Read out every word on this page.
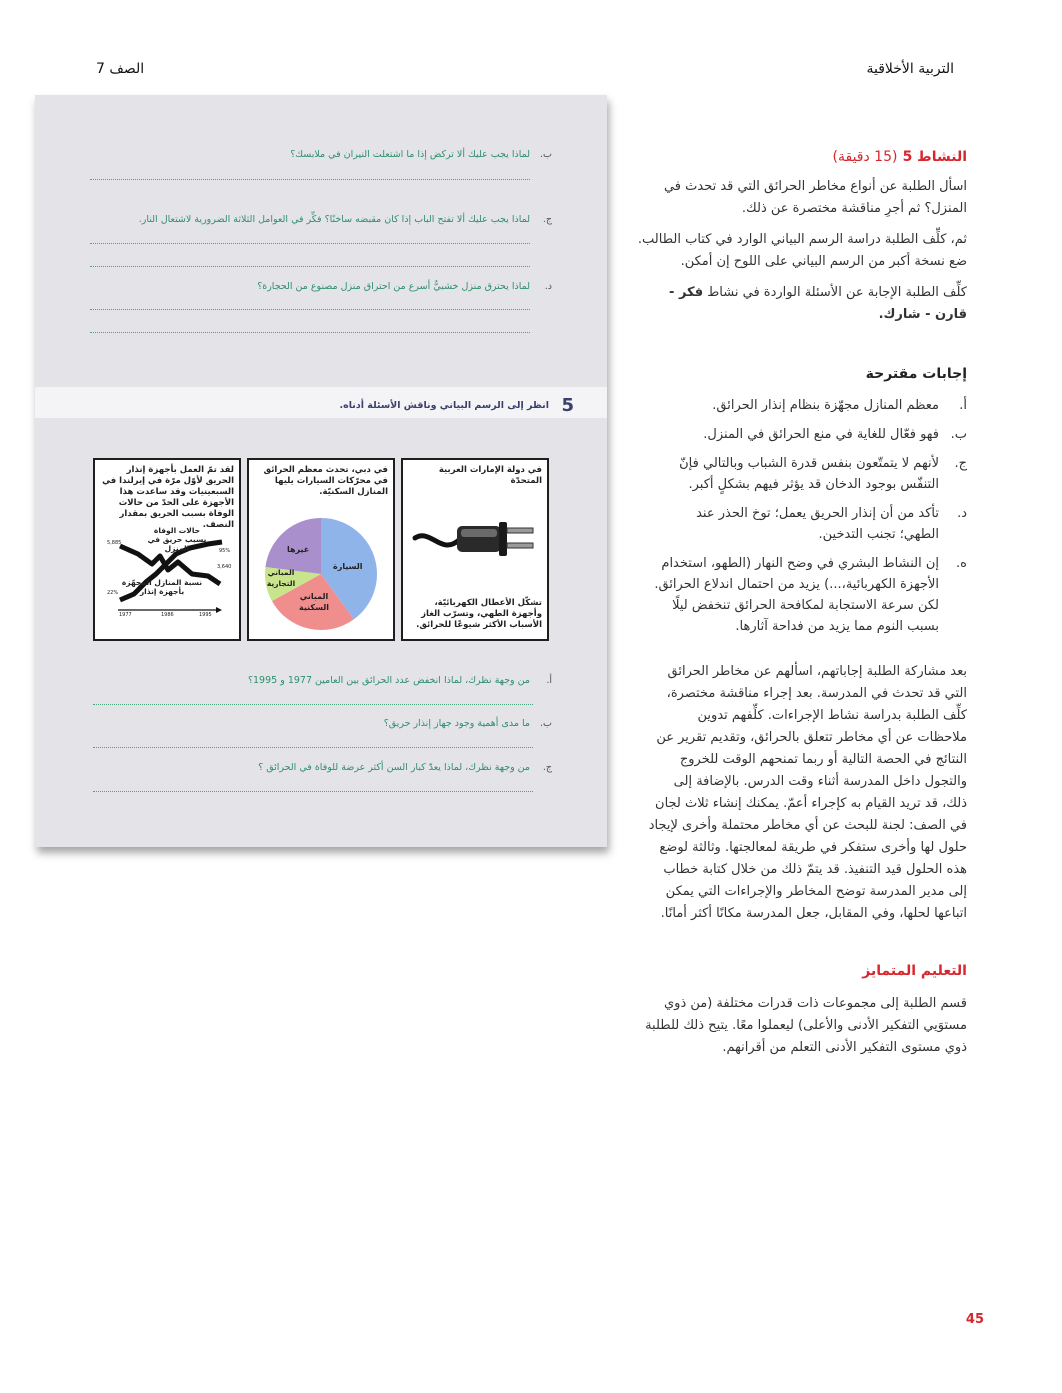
التربية الأخلاقية
الصف 7
النشاط 5 (15 دقيقة)
اسأل الطلبة عن أنواع مخاطر الحرائق التي قد تحدث في المنزل؟ ثم أجرِ مناقشة مختصرة عن ذلك.
ثم، كلِّف الطلبة دراسة الرسم البياني الوارد في كتاب الطالب. ضع نسخة أكبر من الرسم البياني على اللوح إن أمكن.
كلِّف الطلبة الإجابة عن الأسئلة الواردة في نشاط فكر - قارن - شارك.
إجابات مقترحة
أ.
معظم المنازل مجهّزة بنظام إنذار الحرائق.
ب.
فهو فعّال للغاية في منع الحرائق في المنزل.
ج.
لأنهم لا يتمتّعون بنفس قدرة الشباب وبالتالي فإنّ التنفّس بوجود الدخان قد يؤثر فيهم بشكلٍ أكبر.
د.
تأكد من أن إنذار الحريق يعمل؛ توخ الحذر عند الطهي؛ تجنب التدخين.
ه.
إن النشاط البشري في وضح النهار (الطهو، استخدام الأجهزة الكهربائية،...) يزيد من احتمال اندلاع الحرائق. لكن سرعة الاستجابة لمكافحة الحرائق تنخفض ليلًا بسبب النوم مما يزيد من فداحة آثارها.
بعد مشاركة الطلبة إجاباتهم، اسألهم عن مخاطر الحرائق التي قد تحدث في المدرسة. بعد إجراء مناقشة مختصرة، كلِّف الطلبة بدراسة نشاط الإجراءات. كلِّفهم تدوين ملاحظات عن أي مخاطر تتعلق بالحرائق، وتقديم تقرير عن النتائج في الحصة التالية أو ربما تمنحهم الوقت للخروج والتجول داخل المدرسة أثناء وقت الدرس. بالإضافة إلى ذلك، قد تريد القيام به كإجراء أعمّ. يمكنك إنشاء ثلاث لجان في الصف: لجنة للبحث عن أي مخاطر محتملة وأخرى لإيجاد حلول لها وأخرى ستفكر في طريقة لمعالجتها. وثالثة لوضع هذه الحلول قيد التنفيذ. قد يتمّ ذلك من خلال كتابة خطاب إلى مدير المدرسة توضح المخاطر والإجراءات التي يمكن اتباعها لحلها، وفي المقابل، جعل المدرسة مكانًا أكثر أمانًا.
التعليم المتمايز
قسم الطلبة إلى مجموعات ذات قدرات مختلفة (من ذوي مستوَيي التفكير الأدنى والأعلى) ليعملوا معًا. يتيح ذلك للطلبة ذوي مستوى التفكير الأدنى التعلم من أقرانهم.
ب.لماذا يجب عليك ألا تركض إذا ما اشتعلت النيران في ملابسك؟
ج.لماذا يجب عليك ألا تفتح الباب إذا كان مقبضه ساخنًا؟ فكِّر في العوامل الثلاثة الضرورية لاشتعال النار.
د.لماذا يحترق منزل خشبيٌّ أسرع من احتراق منزل مصنوع من الحجارة؟
5
انظر إلى الرسم البياني وناقش الأسئلة أدناه.
في دولة الإمارات العربية المتحدّة
تشكّل الأعطال الكهربائيّة، وأجهزة الطهي، وتسرّب الغاز الأسباب الأكثر شيوعًا للحرائق.
في دبي، تحدث معظم الحرائق في محرّكات السيارات يليها المنازل السكنيّة.
السيارة
المباني السكنية
المباني التجارية
غيرها
لقد تمّ العمل بأجهزة إنذار الحريق لأوّل مرّة في إيرلندا في السبعينيات وقد ساعدت هذا الأجهزة على الحدّ من حالات الوفاة بسبب الحريق بمقدار النصف.
حالات الوفاة بسبب حريق في المنزل
نسبة المنازل المجهّزة بأجهزة إنذار
5,885
95%
3,640
22%
1977	1986	1995
أ.من وجهة نظرك، لماذا انخفض عدد الحرائق بين العامين 1977 و 1995؟
ب.ما مدى أهمية وجود جهاز إنذار حريق؟
ج.من وجهة نظرك، لماذا يعدّ كبار السن أكثر عرضة للوفاة في الحرائق ؟
45
